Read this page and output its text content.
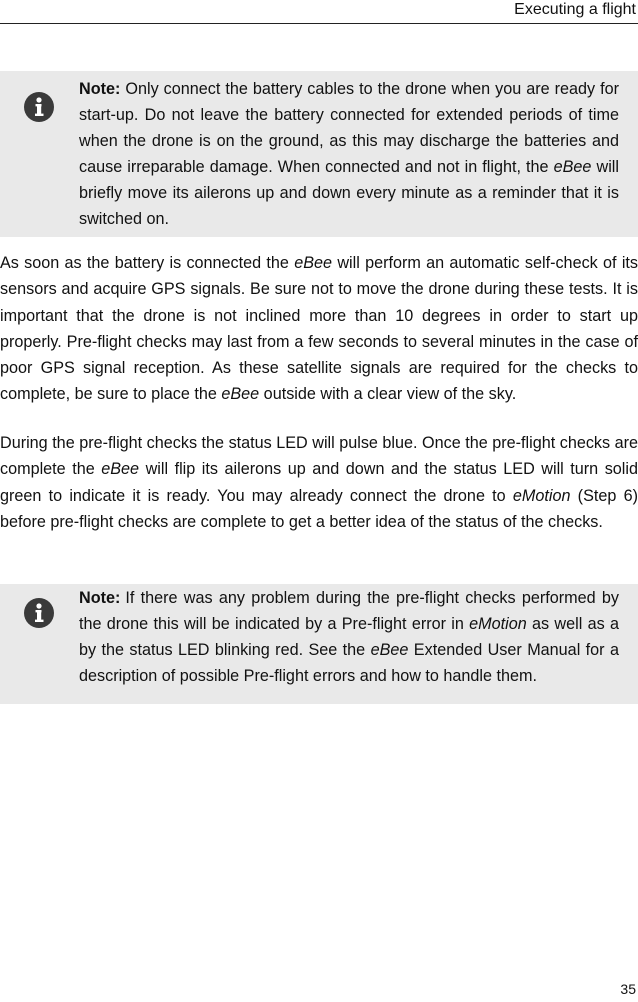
Executing a flight
Note: Only connect the battery cables to the drone when you are ready for start-up. Do not leave the battery connected for extended periods of time when the drone is on the ground, as this may discharge the batteries and cause irreparable damage. When connected and not in flight, the eBee will briefly move its ailerons up and down every minute as a reminder that it is switched on.

As soon as the battery is connected the eBee will perform an automatic self-check of its sensors and acquire GPS signals. Be sure not to move the drone during these tests. It is important that the drone is not inclined more than 10 degrees in order to start up properly. Pre-flight checks may last from a few seconds to several minutes in the case of poor GPS signal reception. As these satellite signals are required for the checks to complete, be sure to place the eBee outside with a clear view of the sky.

During the pre-flight checks the status LED will pulse blue. Once the pre-flight checks are complete the eBee will flip its ailerons up and down and the status LED will turn solid green to indicate it is ready. You may already connect the drone to eMotion (Step 6) before pre-flight checks are complete to get a better idea of the status of the checks.

Note: If there was any problem during the pre-flight checks performed by the drone this will be indicated by a Pre-flight error in eMotion as well as a by the status LED blinking red. See the eBee Extended User Manual for a description of possible Pre-flight errors and how to handle them.
35
